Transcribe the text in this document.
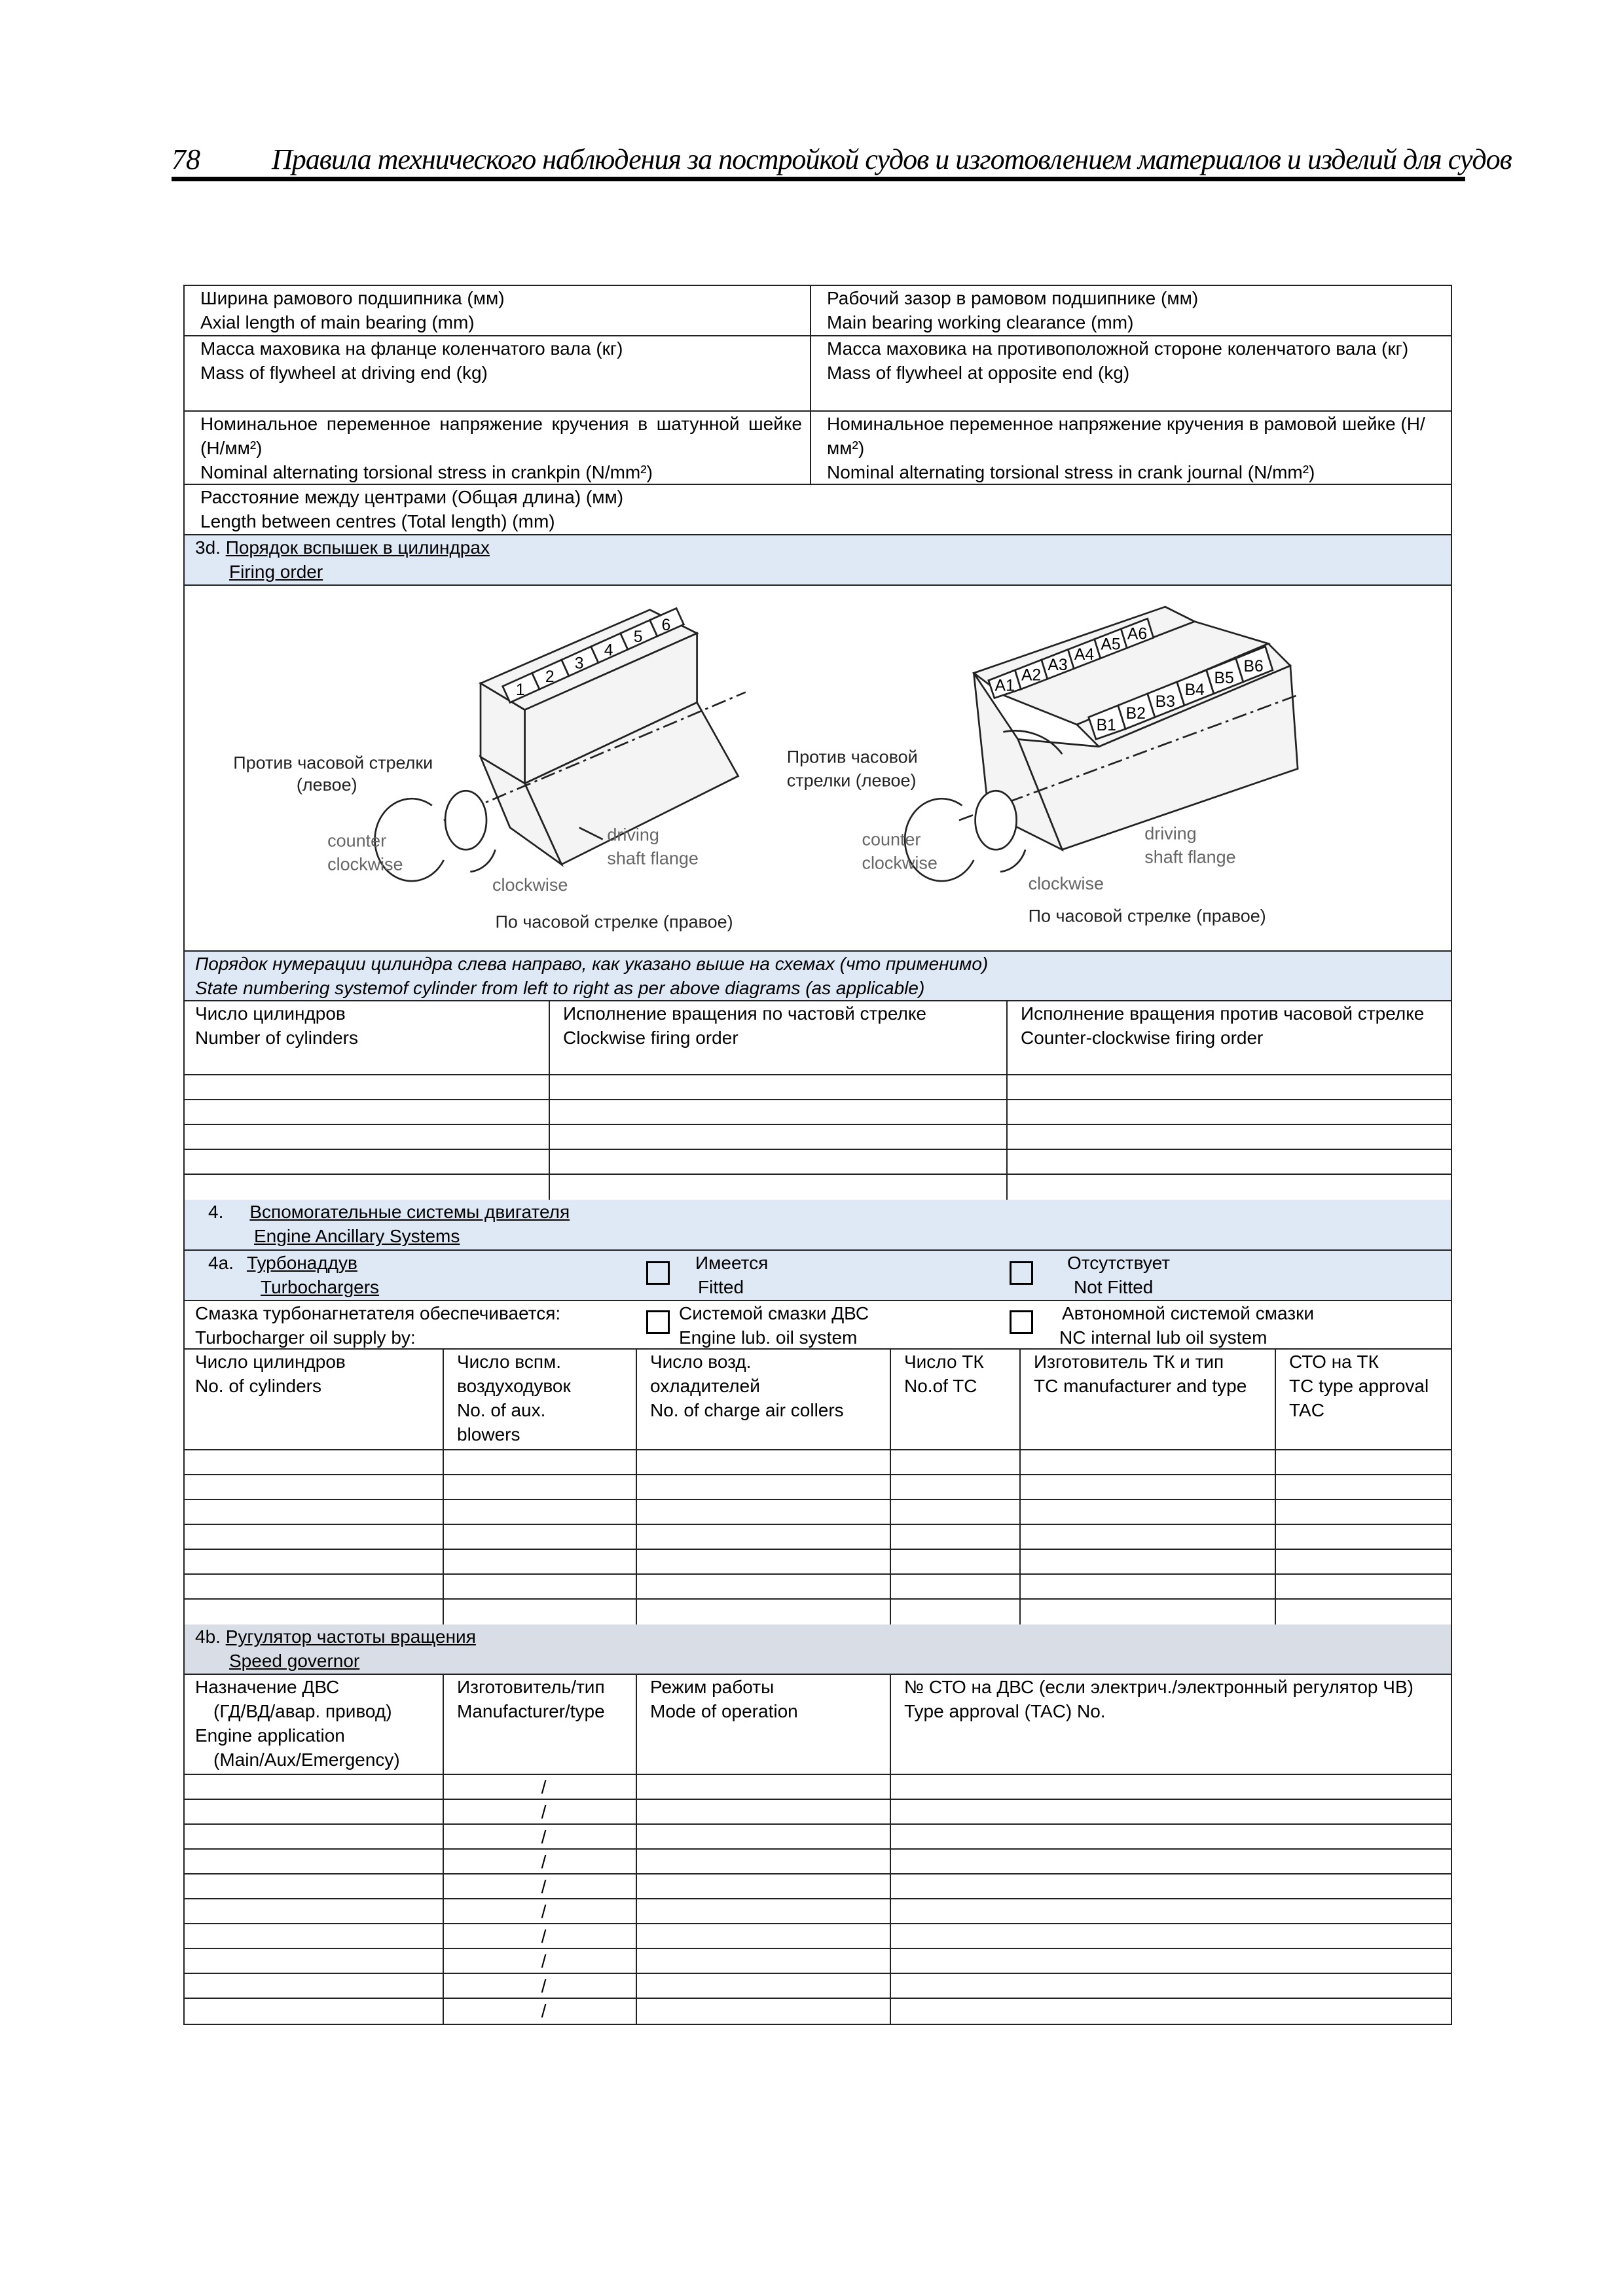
78 Правила технического наблюдения за постройкой судов и изготовлением материалов и изделий для судов
Ширина рамового подшипника (мм)
Axial length of main bearing (mm)
Рабочий зазор в рамовом подшипнике (мм)
Main bearing working clearance (mm)
Масса маховика на фланце коленчатого вала (кг)
Mass of flywheel at driving end (kg)
Масса маховика на противоположной стороне коленчатого вала (кг)
Mass of flywheel at opposite end (kg)
Номинальное переменное напряжение кручения в шатунной шейке (Н/мм²)
Nominal alternating torsional stress in crankpin (N/mm²)
Номинальное переменное напряжение кручения в рамовой шейке (Н/мм²)
Nominal alternating torsional stress in crank journal (N/mm²)
Расстояние между центрами (Общая длина) (мм)
Length between centres (Total length) (mm)
3d. Порядок вспышек в цилиндрах
Firing order
1
2
3
4
5
6
A1
A2
A3
A4
A5
A6
B1
B2
B3
B4
B5
B6
Против часовой стрелки
(левое)
counter
clockwise
driving
shaft flange
clockwise
По часовой стрелке (правое)
Против часовой
стрелки (левое)
counter
clockwise
driving
shaft flange
clockwise
По часовой стрелке (правое)
Порядок нумерации цилиндра слева направо, как указано выше на схемах (что применимо)
State numbering systemof cylinder from left to right as per above diagrams (as applicable)
Число цилиндров
Number of cylinders
Исполнение вращения по частовй стрелке
Clockwise firing order
Исполнение вращения против часовой стрелке
Counter-clockwise firing order
4. Вспомогательные системы двигателя
Engine Ancillary Systems
4a. Турбонаддув
Turbochargers
Имеется
Fitted
Отсутствует
Not Fitted
Смазка турбонагнетателя обеспечивается:
Turbocharger oil supply by:
Системой смазки ДВС
Engine lub. oil system
Автономной системой смазки
NC internal lub oil system
Число цилиндров
No. of cylinders
Число вспм.
воздуходувок
No. of aux.
blowers
Число возд.
охладителей
No. of charge air collers
Число ТК
No.of TC
Изготовитель ТК и тип
TC manufacturer and type
СТО на ТК
TC type approval
TAC
4b. Ругулятор частоты вращения
Speed governor
Назначение ДВС
(ГД/ВД/авар. привод)
Engine application
(Main/Aux/Emergency)
Изготовитель/тип
Manufacturer/type
Режим работы
Mode of operation
№ СТО на ДВС (если электрич./электронный регулятор ЧВ)
Type approval (TAC) No.
/
/
/
/
/
/
/
/
/
/
